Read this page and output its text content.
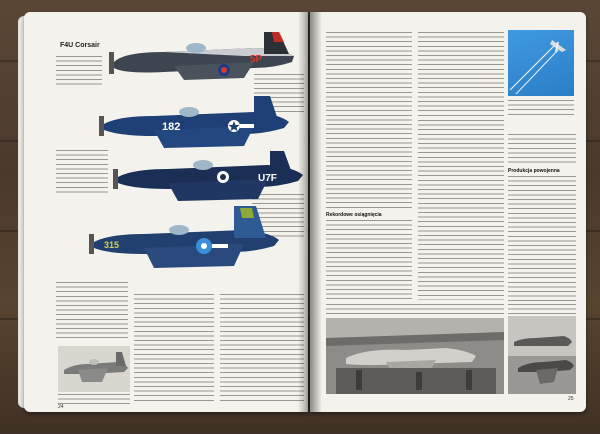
F4U Corsair
5P
182
U7F
315
24
Rekordowe osiągnięcia
Produkcja powojenna
25
